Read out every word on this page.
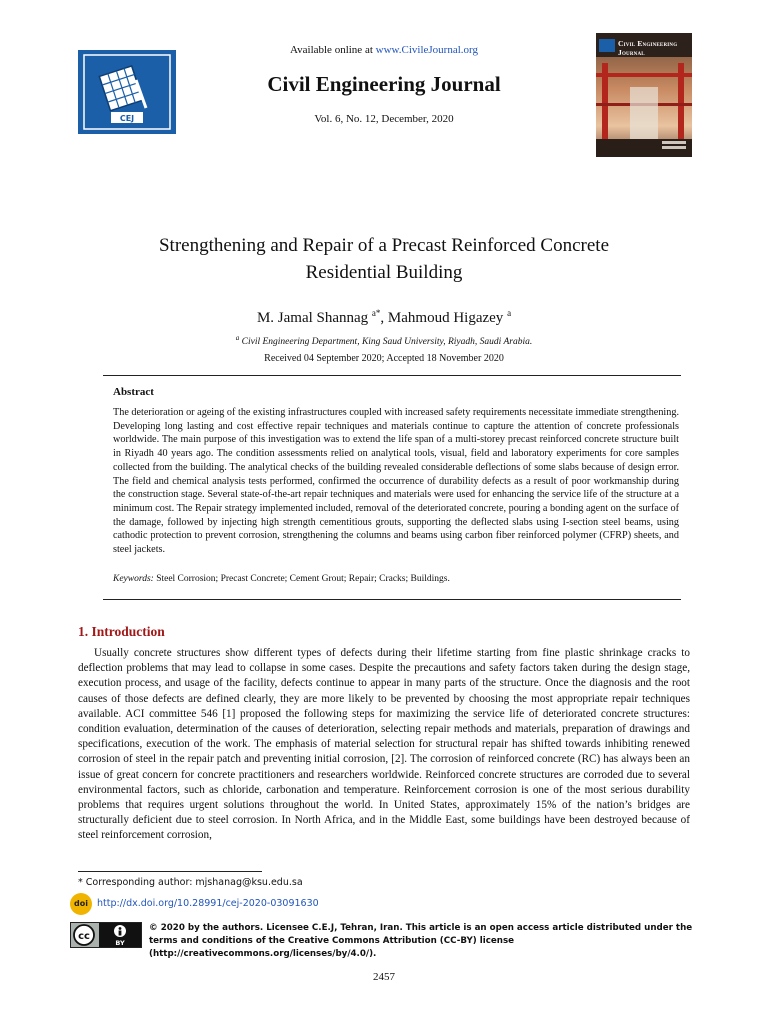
CEJ
Available online at www.CivileJournal.org
Civil Engineering Journal
Vol. 6, No. 12, December, 2020
Civil Engineering
Journal
Strengthening and Repair of a Precast Reinforced Concrete
Residential Building
M. Jamal Shannag $^{a*}$, Mahmoud Higazey $^a$
$^a$ Civil Engineering Department, King Saud University, Riyadh, Saudi Arabia.
Received 04 September 2020; Accepted 18 November 2020
Abstract
The deterioration or ageing of the existing infrastructures coupled with increased safety requirements necessitate immediate strengthening. Developing long lasting and cost effective repair techniques and materials continue to capture the attention of concrete professionals worldwide. The main purpose of this investigation was to extend the life span of a multi-storey precast reinforced concrete structure built in Riyadh 40 years ago. The condition assessments relied on analytical tools, visual, field and laboratory experiments for core samples collected from the building. The analytical checks of the building revealed considerable deflections of some slabs because of design error. The field and chemical analysis tests performed, confirmed the occurrence of durability defects as a result of poor workmanship during the construction stage. Several state-of-the-art repair techniques and materials were used for enhancing the service life of the structure at a minimum cost. The Repair strategy implemented included, removal of the deteriorated concrete, pouring a bonding agent on the surface of the damage, followed by injecting high strength cementitious grouts, supporting the deflected slabs using I-section steel beams, using cathodic protection to prevent corrosion, strengthening the columns and beams using carbon fiber reinforced polymer (CFRP) sheets, and steel jackets.
Keywords: Steel Corrosion; Precast Concrete; Cement Grout; Repair; Cracks; Buildings.
1. Introduction

Usually concrete structures show different types of defects during their lifetime starting from fine plastic shrinkage cracks to deflection problems that may lead to collapse in some cases. Despite the precautions and safety factors taken during the design stage, execution process, and usage of the facility, defects continue to appear in many parts of the structure. Once the diagnosis and the root causes of those defects are defined clearly, they are more likely to be prevented by choosing the most appropriate repair techniques available. ACI committee 546 [1] proposed the following steps for maximizing the service life of deteriorated concrete structures: condition evaluation, determination of the causes of deterioration, selecting repair methods and materials, preparation of drawings and specifications, execution of the work. The emphasis of material selection for structural repair has shifted towards inhibiting renewed corrosion of steel in the repair patch and preventing initial corrosion, [2]. The corrosion of reinforced concrete (RC) has always been an issue of great concern for concrete practitioners and researchers worldwide. Reinforced concrete structures are corroded due to several environmental factors, such as chloride, carbonation and temperature. Reinforcement corrosion is one of the most serious durability problems that requires urgent solutions throughout the world. In United States, approximately 15% of the nation’s bridges are structurally deficient due to steel corrosion. In North Africa, and in the Middle East, some buildings have been destroyed because of steel reinforcement corrosion,

* Corresponding author: mjshanag@ksu.edu.sa
doi http://dx.doi.org/10.28991/cej-2020-03091630
cc
BY
© 2020 by the authors. Licensee C.E.J, Tehran, Iran. This article is an open access article distributed under the terms and conditions of the Creative Commons Attribution (CC-BY) license (http://creativecommons.org/licenses/by/4.0/).
2457
